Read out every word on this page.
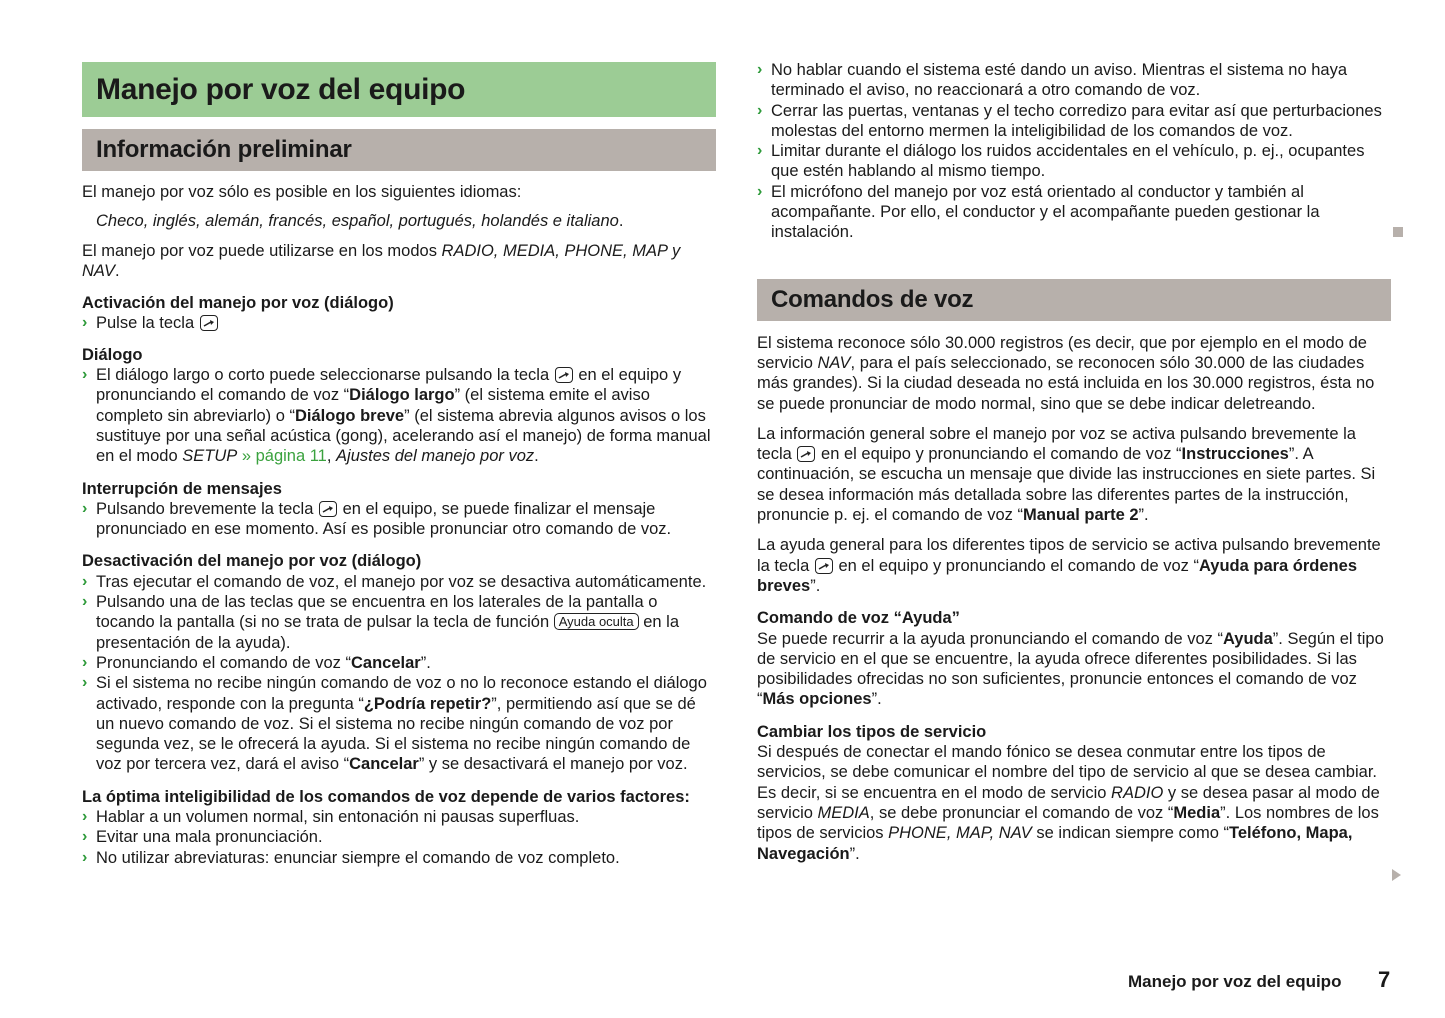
Manejo por voz del equipo
Información preliminar

El manejo por voz sólo es posible en los siguientes idiomas:

Checo, inglés, alemán, francés, español, portugués, holandés e italiano.

El manejo por voz puede utilizarse en los modos RADIO, MEDIA, PHONE, MAP y NAV.

Activación del manejo por voz (diálogo)
› Pulse la tecla
Diálogo
› El diálogo largo o corto puede seleccionarse pulsando la tecla
en el equipo y pronunciando el comando de voz “Diálogo largo” (el sistema emite el aviso completo sin abreviarlo) o “Diálogo breve” (el sistema abrevia algunos avisos o los sustituye por una señal acústica (gong), acelerando así el manejo) de forma manual en el modo SETUP » página 11, Ajustes del manejo por voz.
Interrupción de mensajes
› Pulsando brevemente la tecla
en el equipo, se puede finalizar el mensaje pronunciado en ese momento. Así es posible pronunciar otro comando de voz.
Desactivación del manejo por voz (diálogo)
› Tras ejecutar el comando de voz, el manejo por voz se desactiva automáticamente.
› Pulsando una de las teclas que se encuentra en los laterales de la pantalla o tocando la pantalla (si no se trata de pulsar la tecla de función Ayuda oculta en la presentación de la ayuda).
› Pronunciando el comando de voz “Cancelar”.
› Si el sistema no recibe ningún comando de voz o no lo reconoce estando el diálogo activado, responde con la pregunta “¿Podría repetir?”, permitiendo así que se dé un nuevo comando de voz. Si el sistema no recibe ningún comando de voz por segunda vez, se le ofrecerá la ayuda. Si el sistema no recibe ningún comando de voz por tercera vez, dará el aviso “Cancelar” y se desactivará el manejo por voz.
La óptima inteligibilidad de los comandos de voz depende de varios factores:
› Hablar a un volumen normal, sin entonación ni pausas superfluas.
› Evitar una mala pronunciación.
› No utilizar abreviaturas: enunciar siempre el comando de voz completo.
› No hablar cuando el sistema esté dando un aviso. Mientras el sistema no haya terminado el aviso, no reaccionará a otro comando de voz.
› Cerrar las puertas, ventanas y el techo corredizo para evitar así que perturbaciones molestas del entorno mermen la inteligibilidad de los comandos de voz.
› Limitar durante el diálogo los ruidos accidentales en el vehículo, p. ej., ocupantes que estén hablando al mismo tiempo.
› El micrófono del manejo por voz está orientado al conductor y también al acompañante. Por ello, el conductor y el acompañante pueden gestionar la instalación.
Comandos de voz

El sistema reconoce sólo 30.000 registros (es decir, que por ejemplo en el modo de servicio NAV, para el país seleccionado, se reconocen sólo 30.000 de las ciudades más grandes). Si la ciudad deseada no está incluida en los 30.000 registros, ésta no se puede pronunciar de modo normal, sino que se debe indicar deletreando.

La información general sobre el manejo por voz se activa pulsando brevemente la tecla
en el equipo y pronunciando el comando de voz “Instrucciones”. A continuación, se escucha un mensaje que divide las instrucciones en siete partes. Si se desea información más detallada sobre las diferentes partes de la instrucción, pronuncie p. ej. el comando de voz “Manual parte 2”.

La ayuda general para los diferentes tipos de servicio se activa pulsando brevemente la tecla
en el equipo y pronunciando el comando de voz “Ayuda para órdenes breves”.

Comando de voz “Ayuda”

Se puede recurrir a la ayuda pronunciando el comando de voz “Ayuda”. Según el tipo de servicio en el que se encuentre, la ayuda ofrece diferentes posibilidades. Si las posibilidades ofrecidas no son suficientes, pronuncie entonces el comando de voz “Más opciones”.

Cambiar los tipos de servicio

Si después de conectar el mando fónico se desea conmutar entre los tipos de servicios, se debe comunicar el nombre del tipo de servicio al que se desea cambiar. Es decir, si se encuentra en el modo de servicio RADIO y se desea pasar al modo de servicio MEDIA, se debe pronunciar el comando de voz “Media”. Los nombres de los tipos de servicios PHONE, MAP, NAV se indican siempre como “Teléfono, Mapa, Navegación”.

Manejo por voz del equipo 7
